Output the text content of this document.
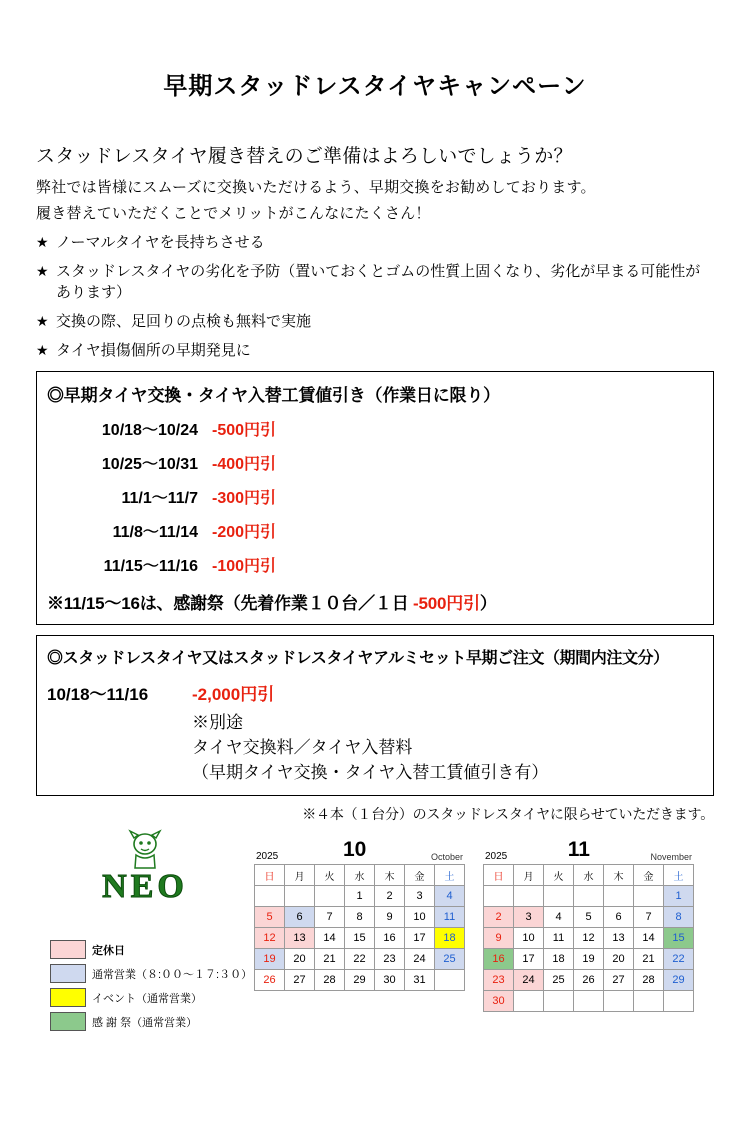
早期スタッドレスタイヤキャンペーン
スタッドレスタイヤ履き替えのご準備はよろしいでしょうか？
弊社では皆様にスムーズに交換いただけるよう、早期交換をお勧めしております。
履き替えていただくことでメリットがこんなにたくさん！
★ ノーマルタイヤを長持ちさせる
★ スタッドレスタイヤの劣化を予防（置いておくとゴムの性質上固くなり、劣化が早まる可能性があります）
★ 交換の際、足回りの点検も無料で実施
★ タイヤ損傷個所の早期発見に
◎早期タイヤ交換・タイヤ入替工賃値引き（作業日に限り）
10/18〜10/24 -500円引
10/25〜10/31 -400円引
11/1〜11/7 -300円引
11/8〜11/14 -200円引
11/15〜11/16 -100円引
※11/15〜16は、感謝祭（先着作業１０台／１日 -500円引）
◎スタッドレスタイヤ又はスタッドレスタイヤアルミセット早期ご注文（期間内注文分）
10/18〜11/16	-2,000円引
※別途
タイヤ交換料／タイヤ入替料
（早期タイヤ交換・タイヤ入替工賃値引き有）
※４本（１台分）のスタッドレスタイヤに限らせていただきます。
NEO
定休日
通常営業（８:００〜１７:３０）
イベント（通常営業）
感 謝 祭（通常営業）
2025	10	October
日	月	火	水	木	金	土
			1	2	3	4
5	6	7	8	9	10	11
12	13	14	15	16	17	18
19	20	21	22	23	24	25
26	27	28	29	30	31	
2025	11	November
日	月	火	水	木	金	土
						1
2	3	4	5	6	7	8
9	10	11	12	13	14	15
16	17	18	19	20	21	22
23	24	25	26	27	28	29
30						
